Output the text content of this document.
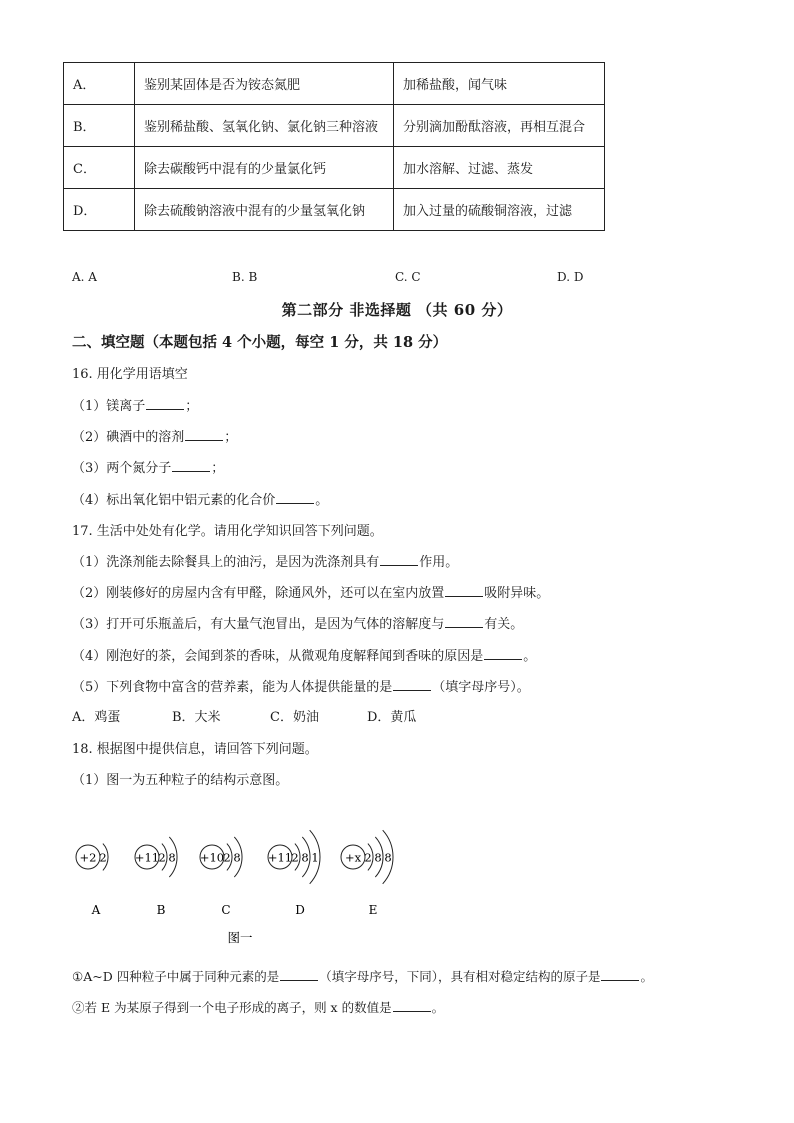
A．	鉴别某固体是否为铵态氮肥	加稀盐酸，闻气味
B．	鉴别稀盐酸、氢氧化钠、氯化钠三种溶液	分别滴加酚酞溶液，再相互混合
C．	除去碳酸钙中混有的少量氯化钙	加水溶解、过滤、蒸发
D．	除去硫酸钠溶液中混有的少量氢氧化钠	加入过量的硫酸铜溶液，过滤
A. A	B. B	C. C	D. D
第二部分 非选择题 （共 60 分）
二、填空题（本题包括 4 个小题，每空 1 分，共 18 分）
16. 用化学用语填空
（1）镁离子	；
（2）碘酒中的溶剂	；
（3）两个氮分子	；
（4）标出氧化铝中铝元素的化合价	。
17. 生活中处处有化学。请用化学知识回答下列问题。
（1）洗涤剂能去除餐具上的油污，是因为洗涤剂具有	作用。
（2）刚装修好的房屋内含有甲醛，除通风外，还可以在室内放置	吸附异味。
（3）打开可乐瓶盖后，有大量气泡冒出，是因为气体的溶解度与	有关。
（4）刚泡好的茶，会闻到茶的香味，从微观角度解释闻到香味的原因是	。
（5）下列食物中富含的营养素，能为人体提供能量的是	（填字母序号）。
A．鸡蛋	B．大米	C．奶油	D．黄瓜
18. 根据图中提供信息，请回答下列问题。
（1）图一为五种粒子的结构示意图。
+2 2
A
+11 2 8
B
+10 2 8
C
+11 2 8 1
D
+x 2 8 8
E
图一
①A~D 四种粒子中属于同种元素的是	（填字母序号，下同），具有相对稳定结构的原子是	。
②若 E 为某原子得到一个电子形成的离子，则 x 的数值是	。
